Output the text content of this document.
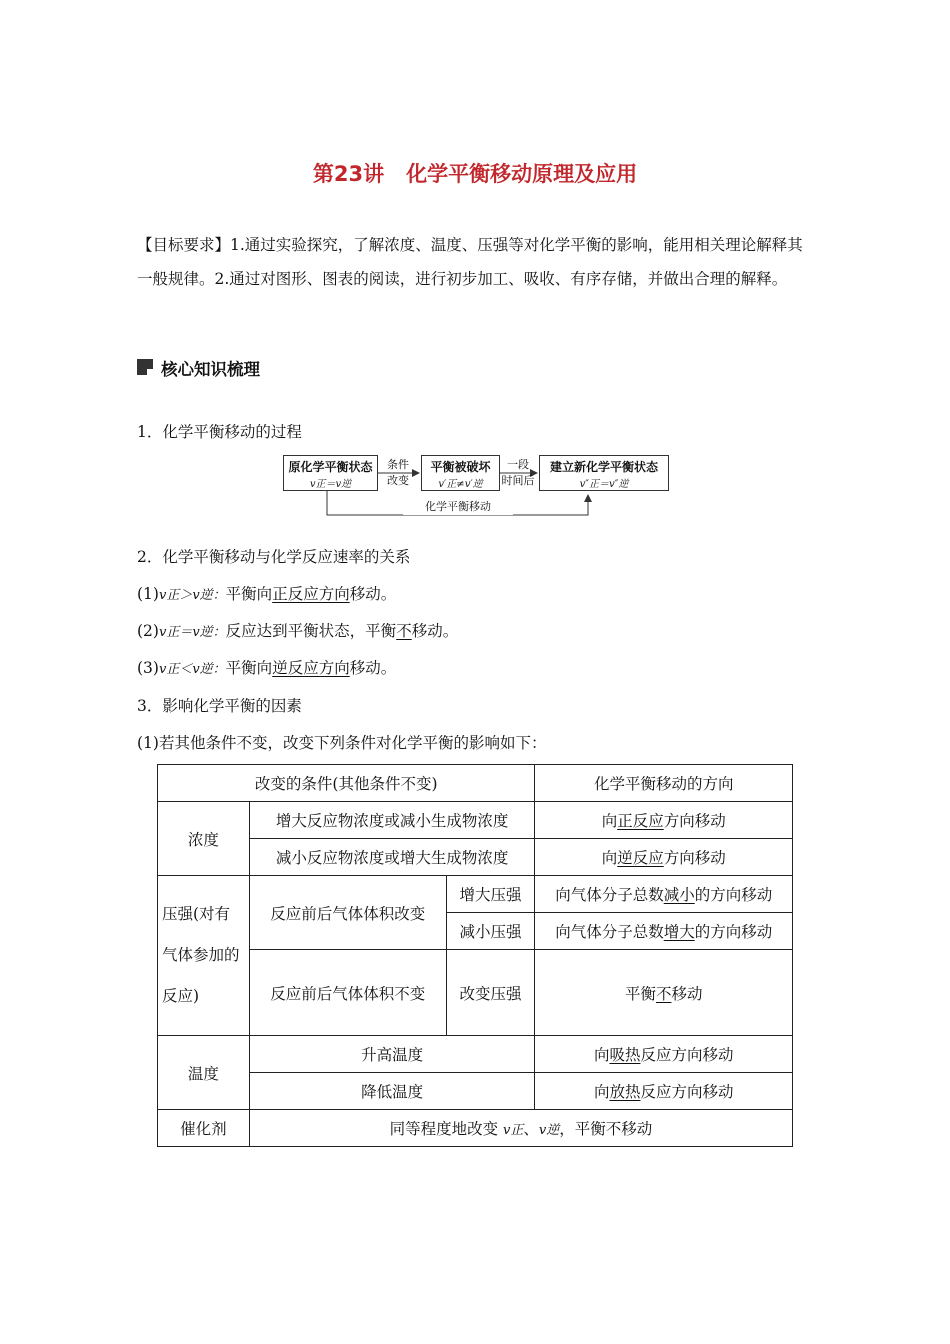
第23讲 化学平衡移动原理及应用
【目标要求】1.通过实验探究，了解浓度、温度、压强等对化学平衡的影响，能用相关理论解释其一般规律。2.通过对图形、图表的阅读，进行初步加工、吸收、有序存储，并做出合理的解释。
核心知识梳理
1．化学平衡移动的过程
原化学平衡状态
v正＝v逆
条件
改变
平衡被破坏
v′正≠v′逆
一段
时间后
建立新化学平衡状态
v″正＝v″逆
化学平衡移动
2．化学平衡移动与化学反应速率的关系
(1)v正＞v逆：平衡向正反应方向移动。
(2)v正＝v逆：反应达到平衡状态，平衡不移动。
(3)v正＜v逆：平衡向逆反应方向移动。
3．影响化学平衡的因素
(1)若其他条件不变，改变下列条件对化学平衡的影响如下：
改变的条件(其他条件不变)			化学平衡移动的方向
浓度	增大反应物浓度或减小生成物浓度		向正反应方向移动
	减小反应物浓度或增大生成物浓度		向逆反应方向移动
压强(对有气体参加的反应)	反应前后气体体积改变	增大压强	向气体分子总数减小的方向移动
		减小压强	向气体分子总数增大的方向移动
	反应前后气体体积不变	改变压强	平衡不移动
温度	升高温度		向吸热反应方向移动
	降低温度		向放热反应方向移动
催化剂	同等程度地改变 v正、v逆，平衡不移动		
